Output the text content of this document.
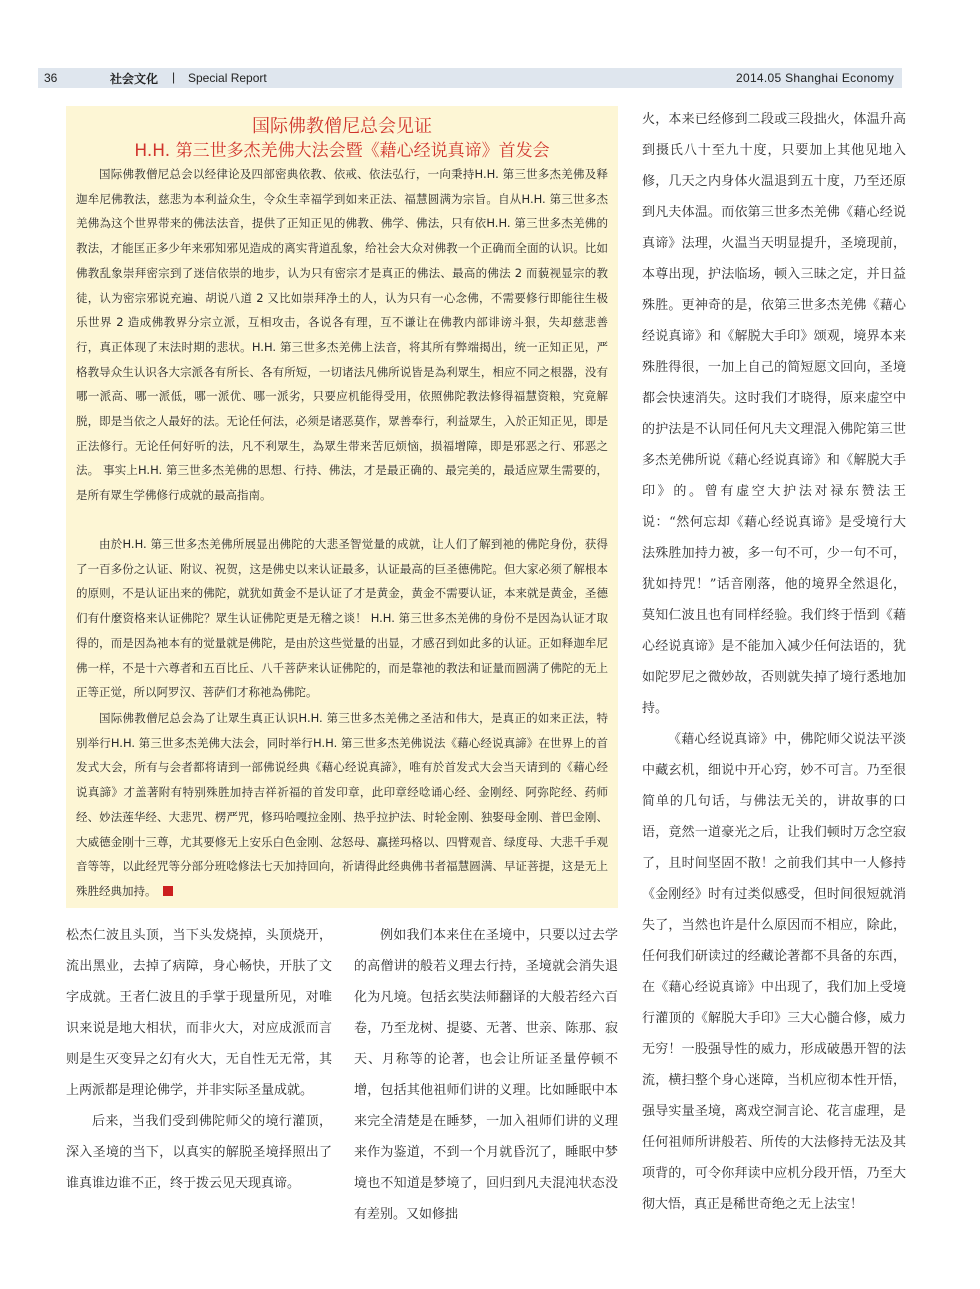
36	社会文化 | Special Report	2014.05 Shanghai Economy
国际佛教僧尼总会见证
H.H. 第三世多杰羌佛大法会暨《藉心经说真谛》首发会

国际佛教僧尼总会以经律论及四部密典依教、依戒、依法弘行，一向秉持H.H. 第三世多杰羌佛及释迦牟尼佛教法，慈悲为本利益众生，令众生幸福学到如来正法、福慧圆满为宗旨。自从H.H. 第三世多杰羌佛為这个世界带来的佛法法音，提供了正知正见的佛教、佛学、佛法，只有依H.H. 第三世多杰羌佛的教法，才能匡正多少年来邪知邪见造成的离实背道乱象，给社会大众对佛教一个正确而全面的认识。比如佛教乱象崇拜密宗到了迷信依崇的地步，认为只有密宗才是真正的佛法、最高的佛法 2 而藐视显宗的教徒，认为密宗邪说充遍、胡说八道 2 又比如崇拜净土的人，认为只有一心念佛，不需要修行即能往生极乐世界 2 造成佛教界分宗立派，互相攻击，各说各有理，互不谦让在佛教内部诽谤斗狠，失却慈悲善行，真正体现了末法时期的悲状。H.H. 第三世多杰羌佛上法音，将其所有弊端揭出，统一正知正见，严格教导众生认识各大宗派各有所长、各有所短，一切诸法凡佛所说皆是為利眾生，相应不同之根器，没有哪一派高、哪一派低，哪一派优、哪一派劣，只要应机能得受用，依照佛陀教法修得福慧资粮，究竟解脱，即是当依之人最好的法。无论任何法，必须是诸恶莫作，眾善奉行，利益眾生，入於正知正见，即是正法修行。无论任何好听的法，凡不利眾生，為眾生带来苦厄烦恼，损福增障，即是邪恶之行、邪恶之法。 事实上H.H. 第三世多杰羌佛的思想、行持、佛法，才是最正确的、最完美的，最适应眾生需要的，是所有眾生学佛修行成就的最高指南。

由於H.H. 第三世多杰羌佛所展显出佛陀的大悲圣智觉量的成就，让人们了解到祂的佛陀身份，获得了一百多份之认证、附议、祝贺，这是佛史以来认证最多，认证最高的巨圣德佛陀。但大家必须了解根本的原则，不是认证出来的佛陀，就犹如黄金不是认证了才是黄金，黄金不需要认证，本来就是黄金，圣德们有什麼资格来认证佛陀？眾生认证佛陀更是无稽之谈！ H.H. 第三世多杰羌佛的身份不是因為认证才取得的，而是因為祂本有的觉量就是佛陀，是由於这些觉量的出显，才感召到如此多的认证。正如释迦牟尼佛一样，不是十六尊者和五百比丘、八千菩萨来认证佛陀的，而是靠祂的教法和证量而圆满了佛陀的无上正等正觉，所以阿罗汉、菩萨们才称祂為佛陀。

国际佛教僧尼总会為了让眾生真正认识H.H. 第三世多杰羌佛之圣洁和伟大，是真正的如来正法，特别举行H.H. 第三世多杰羌佛大法会，同时举行H.H. 第三世多杰羌佛说法《藉心经说真諦》在世界上的首发式大会，所有与会者都将请到一部佛说经典《藉心经说真諦》，唯有於首发式大会当天请到的《藉心经说真諦》才盖著附有特别殊胜加持吉祥祈福的首发印章，此印章经唸诵心经、金刚经、阿弥陀经、药师经、妙法莲华经、大悲咒、楞严咒，修玛哈嘎拉金刚、热乎拉护法、时轮金刚、独娶母金刚、普巴金刚、大威德金刚十三尊，尤其要修无上安乐白色金刚、忿怒母、赢搓玛格以、四臂观音、绿度母、大悲千手观音等等，以此经咒等分部分班唸修法七天加持回向，祈请得此经典佛书者福慧圆满、早证菩提，这是无上殊胜经典加持。

松杰仁波且头顶，当下头发烧掉，头顶烧开，流出黑业，去掉了病障，身心畅快，开肤了文字成就。王者仁波且的手掌于现量所见，对唯识来说是地大相状，而非火大，对应成派而言则是生灭变异之幻有火大，无自性无无常，其上两派都是理论佛学，并非实际圣量成就。

后来，当我们受到佛陀师父的境行灌顶，深入圣境的当下，以真实的解脱圣境择照出了谁真谁边谁不正，终于拨云见天现真谛。

例如我们本来住在圣境中，只要以过去学的高僧讲的般若义理去行持，圣境就会消失退化为凡境。包括玄奘法师翻译的大般若经六百卷，乃至龙树、提婆、无著、世亲、陈那、寂天、月称等的论著，也会让所证圣量停顿不增，包括其他祖师们讲的义理。比如睡眠中本来完全清楚是在睡梦，一加入祖师们讲的义理来作为鉴道，不到一个月就昏沉了，睡眠中梦境也不知道是梦境了，回归到凡夫混沌状态没有差别。又如修拙

火，本来已经修到二段或三段拙火，体温升高到摄氏八十至九十度，只要加上其他见地入修，几天之内身体火温退到五十度，乃至还原到凡夫体温。而依第三世多杰羌佛《藉心经说真谛》法理，火温当天明显提升，圣境现前，本尊出现，护法临场，顿入三昧之定，并日益殊胜。更神奇的是，依第三世多杰羌佛《藉心经说真谛》和《解脱大手印》颂观，境界本来殊胜得很，一加上自己的简短愿文回向，圣境都会快速消失。这时我们才晓得，原来虚空中的护法是不认同任何凡夫文理混入佛陀第三世多杰羌佛所说《藉心经说真谛》和《解脱大手印》的。曾有虚空大护法对禄东赞法王说：“然何忘却《藉心经说真谛》是受境行大法殊胜加持力被，多一句不可，少一句不可，犹如持咒！”话音刚落，他的境界全然退化，莫知仁波且也有同样经验。我们终于悟到《藉心经说真谛》是不能加入减少任何法语的，犹如陀罗尼之微妙故，否则就失掉了境行悉地加持。

《藉心经说真谛》中，佛陀师父说法平淡中藏玄机，细说中开心窍，妙不可言。乃至很简单的几句话，与佛法无关的，讲故事的口语，竟然一道豪光之后，让我们顿时万念空寂了，且时间坚固不散！之前我们其中一人修持《金刚经》时有过类似感受，但时间很短就消失了，当然也许是什么原因而不相应，除此，任何我们研读过的经藏论著都不具备的东西，在《藉心经说真谛》中出现了，我们加上受境行灌顶的《解脱大手印》三大心髓合修，威力无穷！一股强导性的威力，形成破愚开智的法流，横扫整个身心迷障，当机应彻本性开悟，强导实量圣境，离戏空洞言论、花言虚理，是任何祖师所讲般若、所传的大法修持无法及其项背的，可令你拜读中应机分段开悟，乃至大彻大悟，真正是稀世奇绝之无上法宝！
